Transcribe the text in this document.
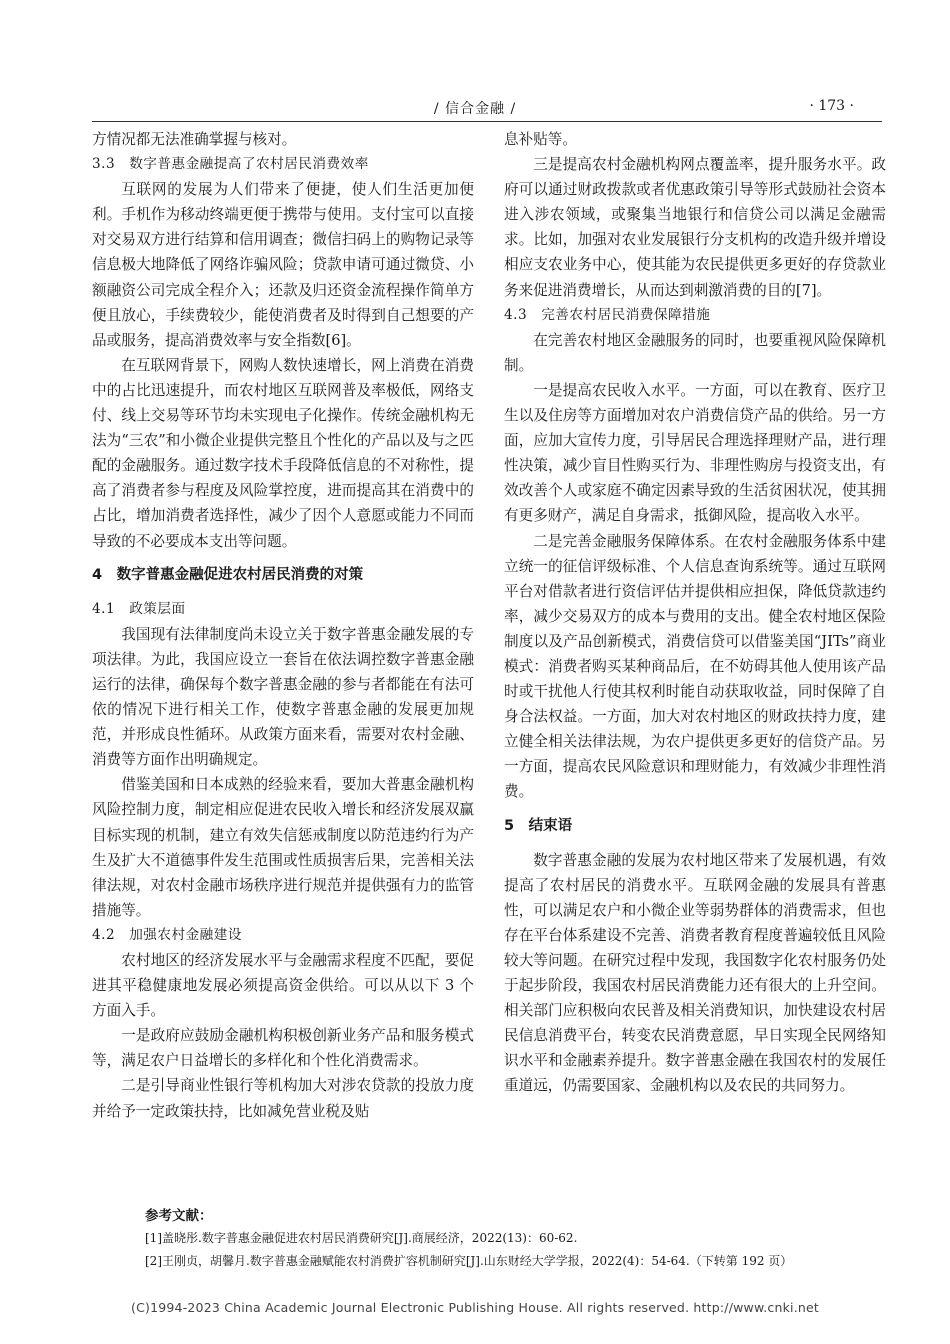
/ 信合金融 /	· 173 ·

方情况都无法准确掌握与核对。

3.3　数字普惠金融提高了农村居民消费效率

互联网的发展为人们带来了便捷，使人们生活更加便利。手机作为移动终端更便于携带与使用。支付宝可以直接对交易双方进行结算和信用调查；微信扫码上的购物记录等信息极大地降低了网络诈骗风险；贷款申请可通过微贷、小额融资公司完成全程介入；还款及归还资金流程操作简单方便且放心，手续费较少，能使消费者及时得到自己想要的产品或服务，提高消费效率与安全指数[6]。

在互联网背景下，网购人数快速增长，网上消费在消费中的占比迅速提升，而农村地区互联网普及率极低，网络支付、线上交易等环节均未实现电子化操作。传统金融机构无法为“三农”和小微企业提供完整且个性化的产品以及与之匹配的金融服务。通过数字技术手段降低信息的不对称性，提高了消费者参与程度及风险掌控度，进而提高其在消费中的占比，增加消费者选择性，减少了因个人意愿或能力不同而导致的不必要成本支出等问题。

4　数字普惠金融促进农村居民消费的对策

4.1　政策层面

我国现有法律制度尚未设立关于数字普惠金融发展的专项法律。为此，我国应设立一套旨在依法调控数字普惠金融运行的法律，确保每个数字普惠金融的参与者都能在有法可依的情况下进行相关工作，使数字普惠金融的发展更加规范，并形成良性循环。从政策方面来看，需要对农村金融、消费等方面作出明确规定。

借鉴美国和日本成熟的经验来看，要加大普惠金融机构风险控制力度，制定相应促进农民收入增长和经济发展双赢目标实现的机制，建立有效失信惩戒制度以防范违约行为产生及扩大不道德事件发生范围或性质损害后果，完善相关法律法规，对农村金融市场秩序进行规范并提供强有力的监管措施等。

4.2　加强农村金融建设

农村地区的经济发展水平与金融需求程度不匹配，要促进其平稳健康地发展必须提高资金供给。可以从以下 3 个方面入手。

一是政府应鼓励金融机构积极创新业务产品和服务模式等，满足农户日益增长的多样化和个性化消费需求。

二是引导商业性银行等机构加大对涉农贷款的投放力度并给予一定政策扶持，比如减免营业税及贴

息补贴等。

三是提高农村金融机构网点覆盖率，提升服务水平。政府可以通过财政拨款或者优惠政策引导等形式鼓励社会资本进入涉农领域，或聚集当地银行和信贷公司以满足金融需求。比如，加强对农业发展银行分支机构的改造升级并增设相应支农业务中心，使其能为农民提供更多更好的存贷款业务来促进消费增长，从而达到刺激消费的目的[7]。

4.3　完善农村居民消费保障措施

在完善农村地区金融服务的同时，也要重视风险保障机制。

一是提高农民收入水平。一方面，可以在教育、医疗卫生以及住房等方面增加对农户消费信贷产品的供给。另一方面，应加大宣传力度，引导居民合理选择理财产品，进行理性决策，减少盲目性购买行为、非理性购房与投资支出，有效改善个人或家庭不确定因素导致的生活贫困状况，使其拥有更多财产，满足自身需求，抵御风险，提高收入水平。

二是完善金融服务保障体系。在农村金融服务体系中建立统一的征信评级标准、个人信息查询系统等。通过互联网平台对借款者进行资信评估并提供相应担保，降低贷款违约率，减少交易双方的成本与费用的支出。健全农村地区保险制度以及产品创新模式，消费信贷可以借鉴美国“JITs”商业模式：消费者购买某种商品后，在不妨碍其他人使用该产品时或干扰他人行使其权利时能自动获取收益，同时保障了自身合法权益。一方面，加大对农村地区的财政扶持力度，建立健全相关法律法规，为农户提供更多更好的信贷产品。另一方面，提高农民风险意识和理财能力，有效减少非理性消费。

5　结束语

数字普惠金融的发展为农村地区带来了发展机遇，有效提高了农村居民的消费水平。互联网金融的发展具有普惠性，可以满足农户和小微企业等弱势群体的消费需求，但也存在平台体系建设不完善、消费者教育程度普遍较低且风险较大等问题。在研究过程中发现，我国数字化农村服务仍处于起步阶段，我国农村居民消费能力还有很大的上升空间。相关部门应积极向农民普及相关消费知识，加快建设农村居民信息消费平台，转变农民消费意愿，早日实现全民网络知识水平和金融素养提升。数字普惠金融在我国农村的发展任重道远，仍需要国家、金融机构以及农民的共同努力。

参考文献：
[1]盖晓彤.数字普惠金融促进农村居民消费研究[J].商展经济，2022(13)：60-62.
[2]王刚贞，胡馨月.数字普惠金融赋能农村消费扩容机制研究[J].山东财经大学学报，2022(4)：54-64.（下转第 192 页）
(C)1994-2023 China Academic Journal Electronic Publishing House. All rights reserved. http://www.cnki.net
